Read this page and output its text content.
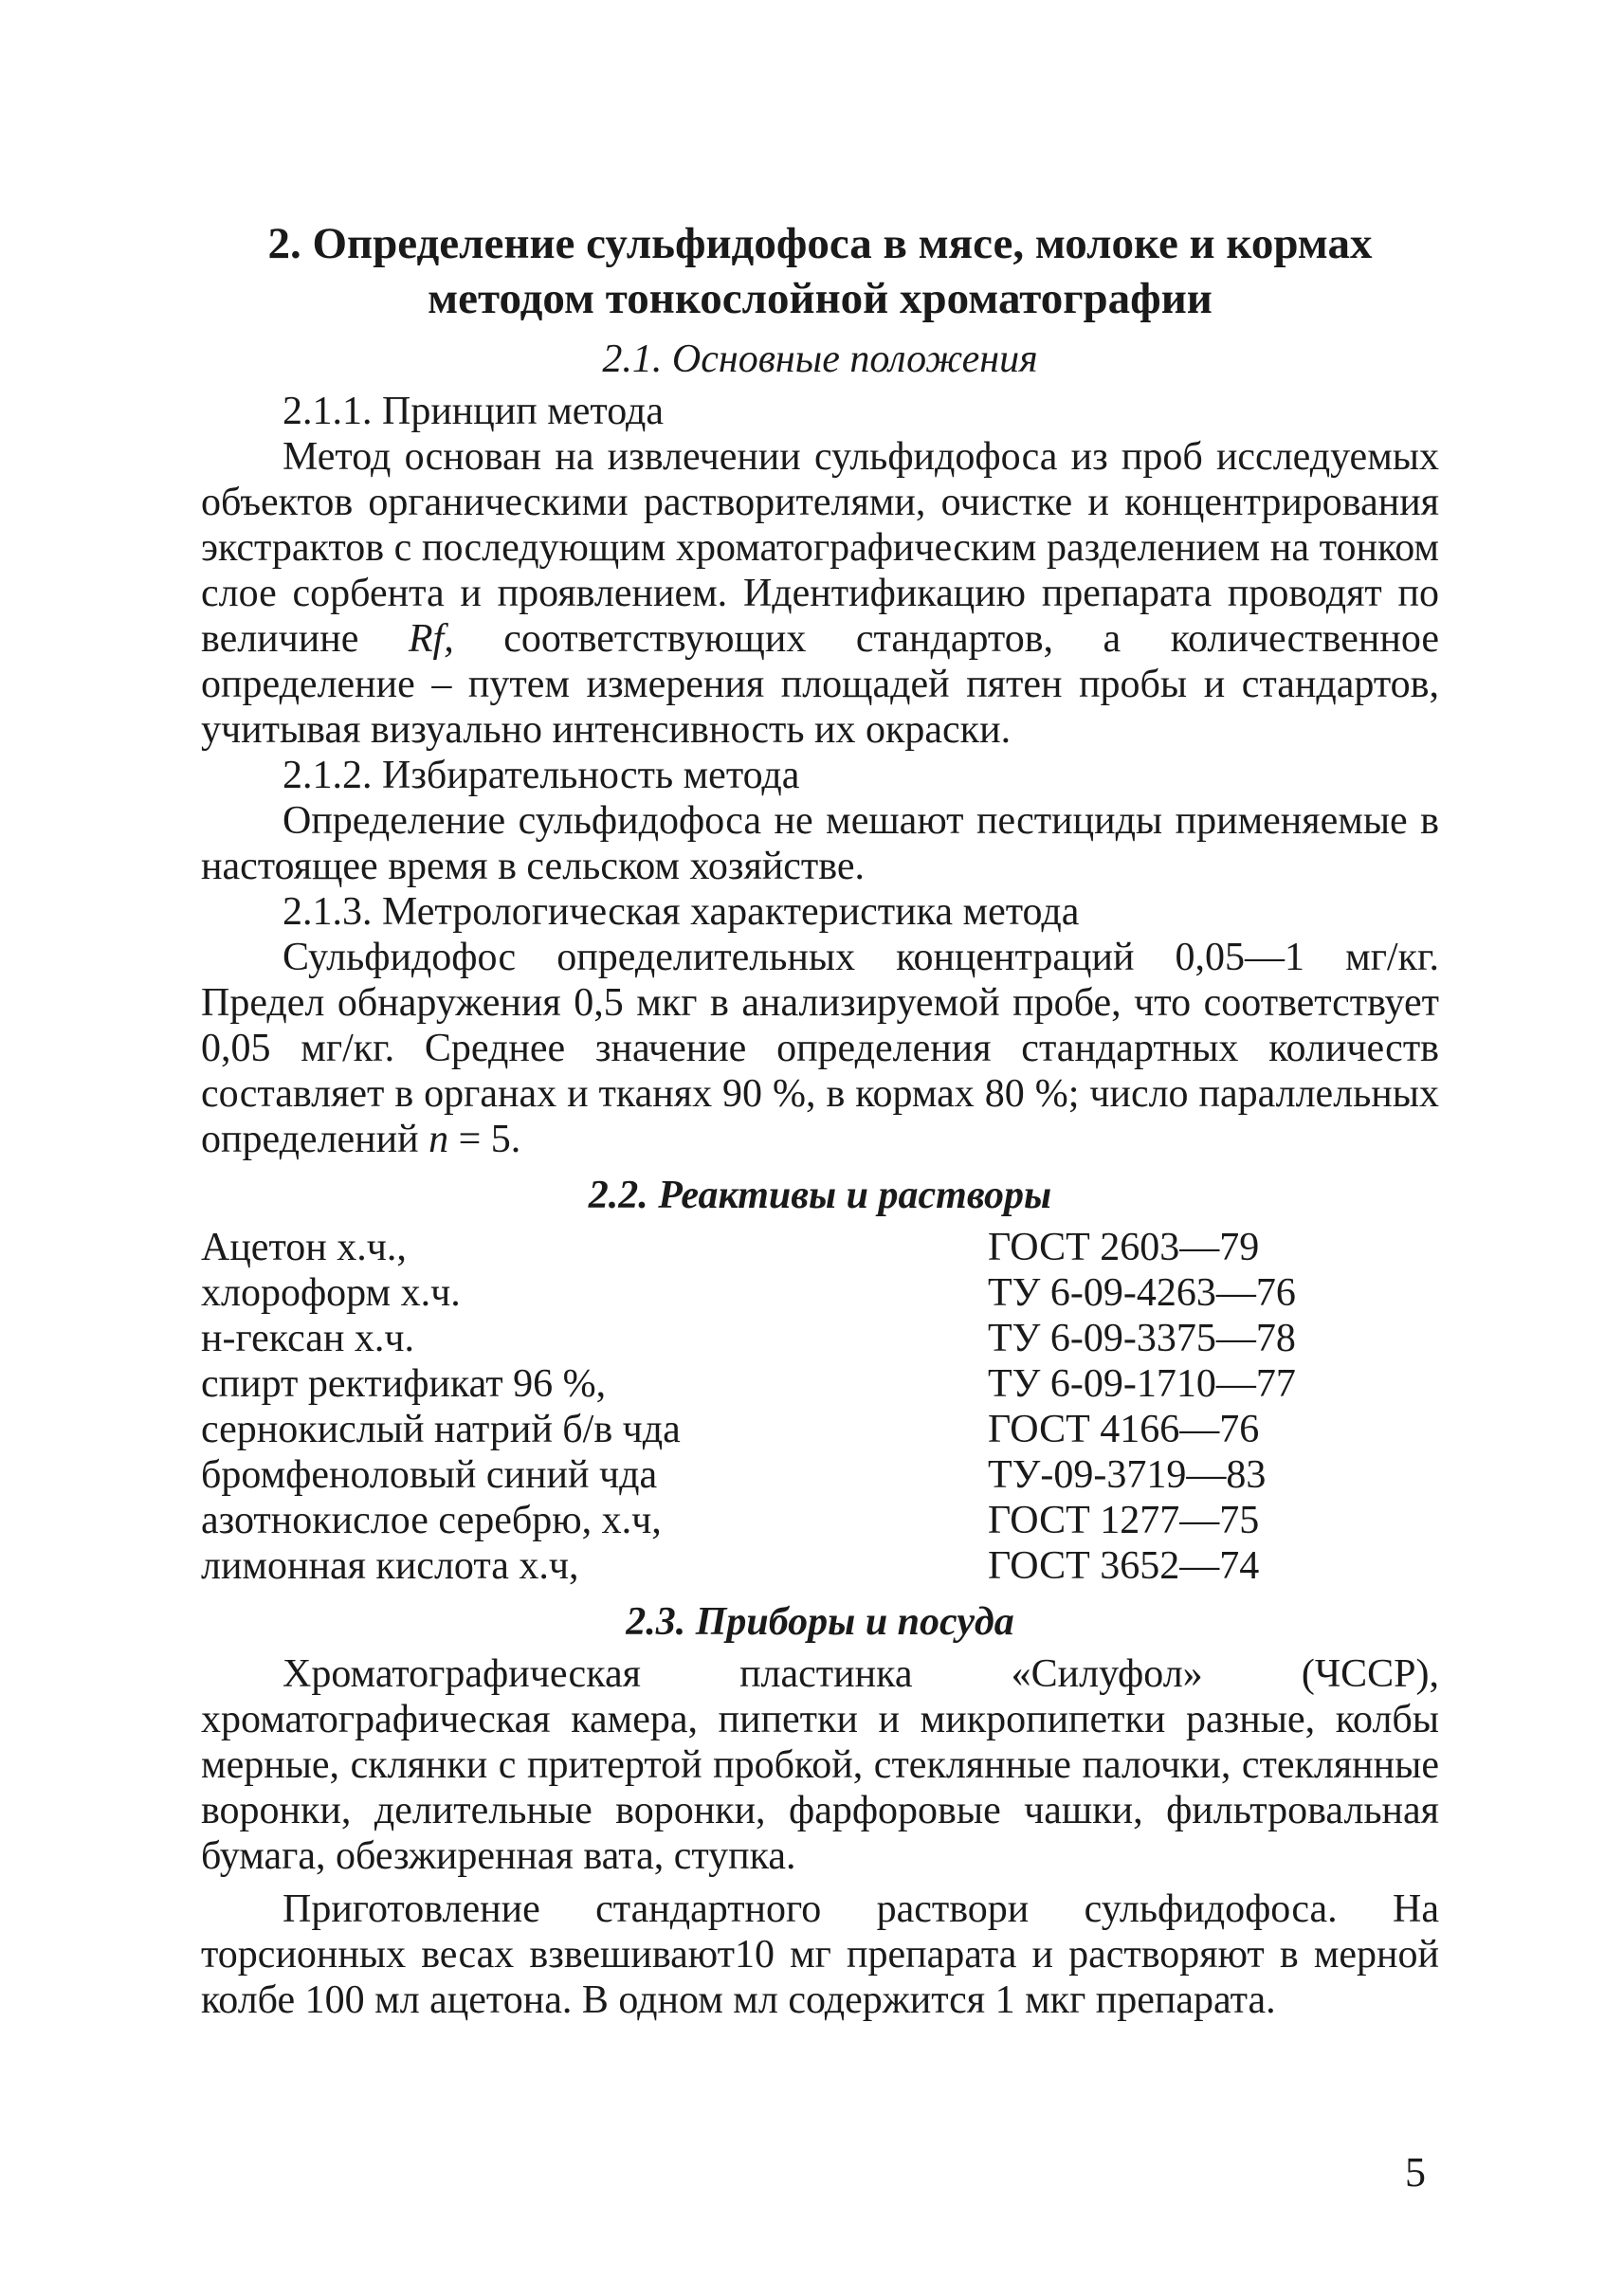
2. Определение сульфидофоса в мясе, молоке и кормах
методом тонкослойной хроматографии
2.1. Основные положения
2.1.1. Принцип метода

Метод основан на извлечении сульфидофоса из проб исследуемых объектов органическими растворителями, очистке и концентрирования экстрактов с последующим хроматографическим разделением на тонком слое сорбента и проявлением. Идентификацию препарата проводят по величине Rf, соответствующих стандартов, а количественное определение – путем измерения площадей пятен пробы и стандартов, учитывая визуально интенсивность их окраски.

2.1.2. Избирательность метода

Определение сульфидофоса не мешают пестициды применяемые в настоящее время в сельском хозяйстве.

2.1.3. Метрологическая характеристика метода

Сульфидофос определительных концентраций 0,05—1 мг/кг. Предел обнаружения 0,5 мкг в анализируемой пробе, что соответствует 0,05 мг/кг. Среднее значение определения стандартных количеств составляет в органах и тканях 90 %, в кормах 80 %; число параллельных определений n = 5.

2.2. Реактивы и растворы
Ацетон х.ч.,	ГОСТ 2603—79
хлороформ х.ч.	ТУ 6-09-4263—76
н-гексан х.ч.	ТУ 6-09-3375—78
спирт ректификат 96 %,	ТУ 6-09-1710—77
сернокислый натрий б/в чда	ГОСТ 4166—76
бромфеноловый синий чда	ТУ-09-3719—83
азотнокислое серебрю, х.ч,	ГОСТ 1277—75
лимонная кислота х.ч,	ГОСТ 3652—74
2.3. Приборы и посуда

Хроматографическая пластинка «Силуфол» (ЧССР), хроматографическая камера, пипетки и микропипетки разные, колбы мерные, склянки с притертой пробкой, стеклянные палочки, стеклянные воронки, делительные воронки, фарфоровые чашки, фильтровальная бумага, обезжиренная вата, ступка.

Приготовление стандартного раствори сульфидофоса. На торсионных весах взвешивают10 мг препарата и растворяют в мерной колбе 100 мл ацетона. В одном мл содержится 1 мкг препарата.

5
